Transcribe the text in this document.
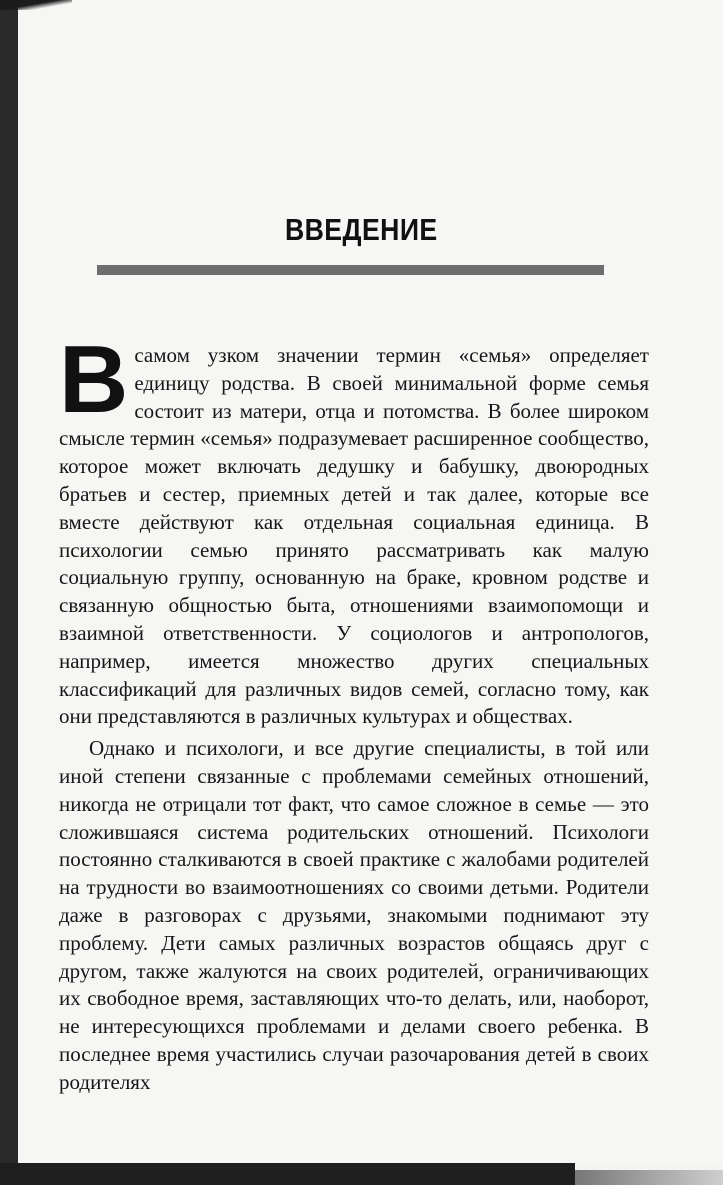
ВВЕДЕНИЕ

Всамом узком значении термин «семья» определяет единицу родства. В своей минимальной форме семья состоит из матери, отца и потомства. В более широком смысле термин «семья» подразумевает расширенное сообщество, которое может включать дедушку и бабушку, двоюродных братьев и сестер, приемных детей и так далее, которые все вместе действуют как отдельная социальная единица. В психологии семью принято рассматривать как малую социальную группу, основанную на браке, кровном родстве и связанную общностью быта, отношениями взаимопомощи и взаимной ответственности. У социологов и антропологов, например, имеется множество других специальных классификаций для различных видов семей, согласно тому, как они представляются в различных культурах и обществах.

Однако и психологи, и все другие специалисты, в той или иной степени связанные с проблемами семейных отношений, никогда не отрицали тот факт, что самое сложное в семье — это сложившаяся система родительских отношений. Психологи постоянно сталкиваются в своей практике с жалобами родителей на трудности во взаимоотношениях со своими детьми. Родители даже в разговорах с друзьями, знакомыми поднимают эту проблему. Дети самых различных возрастов общаясь друг с другом, также жалуются на своих родителей, ограничивающих их свободное время, заставляющих что-то делать, или, наоборот, не интересующихся проблемами и делами своего ребенка. В последнее время участились случаи разочарования детей в своих родителях
